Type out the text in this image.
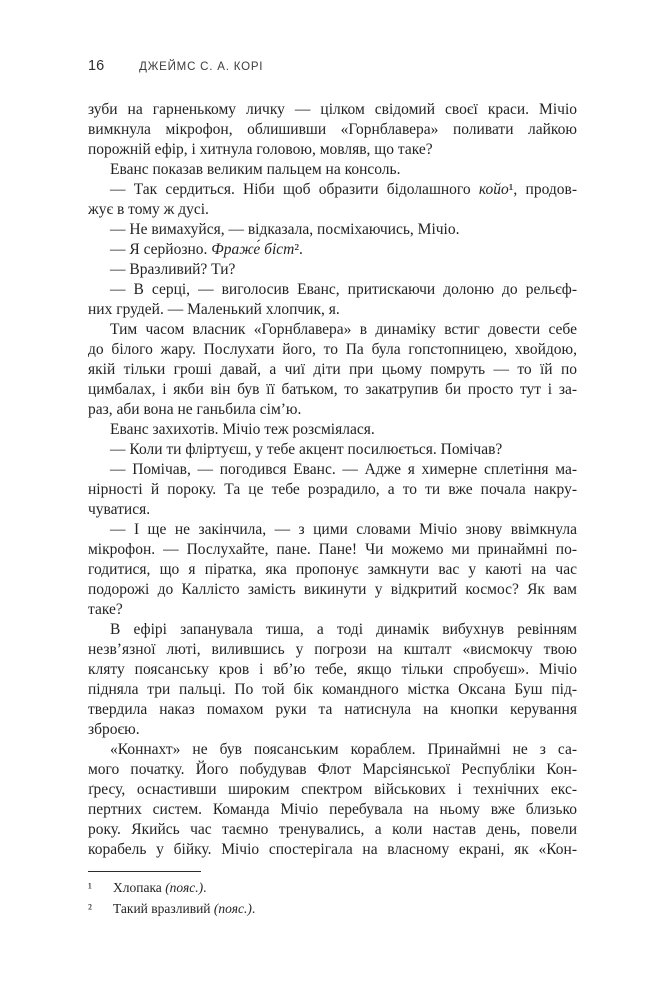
16	ДЖЕЙМС С. А. КОРІ
зуби на гарненькому личку — цілком свідомий своєї краси. Мічіо
вимкнула мікрофон, облишивши «Горнблавера» поливати лайкою
порожній ефір, і хитнула головою, мовляв, що таке?
Еванс показав великим пальцем на консоль.
— Так сердиться. Ніби щоб образити бідолашного койо¹, продов-
жує в тому ж дусі.
— Не вимахуйся, — відказала, посміхаючись, Мічіо.
— Я серйозно. Фраже́ біст².
— Вразливий? Ти?
— В серці, — виголосив Еванс, притискаючи долоню до рельєф-
них грудей. — Маленький хлопчик, я.
Тим часом власник «Горнблавера» в динаміку встиг довести себе
до білого жару. Послухати його, то Па була гопстопницею, хвойдою,
якій тільки гроші давай, а чиї діти при цьому помруть — то їй по
цимбалах, і якби він був її батьком, то закатрупив би просто тут і за-
раз, аби вона не ганьбила сім’ю.
Еванс захихотів. Мічіо теж розсміялася.
— Коли ти фліртуєш, у тебе акцент посилюється. Помічав?
— Помічав, — погодився Еванс. — Адже я химерне сплетіння ма-
нірності й пороку. Та це тебе розрадило, а то ти вже почала накру-
чуватися.
— І ще не закінчила, — з цими словами Мічіо знову ввімкнула
мікрофон. — Послухайте, пане. Пане! Чи можемо ми принаймні по-
годитися, що я піратка, яка пропонує замкнути вас у каюті на час
подорожі до Каллісто замість викинути у відкритий космос? Як вам
таке?
В ефірі запанувала тиша, а тоді динамік вибухнув ревінням
незв’язної люті, вилившись у погрози на кшталт «висмокчу твою
кляту поясанську кров і вб’ю тебе, якщо тільки спробуєш». Мічіо
підняла три пальці. По той бік командного містка Оксана Буш під-
твердила наказ помахом руки та натиснула на кнопки керування
зброєю.
«Коннахт» не був поясанським кораблем. Принаймні не з са-
мого початку. Його побудував Флот Марсіянської Республіки Кон-
ґресу, оснастивши широким спектром військових і технічних екс-
пертних систем. Команда Мічіо перебувала на ньому вже близько
року. Якийсь час таємно тренувались, а коли настав день, повели
корабель у бійку. Мічіо спостерігала на власному екрані, як «Кон-
¹ Хлопака (пояс.).
² Такий вразливий (пояс.).
